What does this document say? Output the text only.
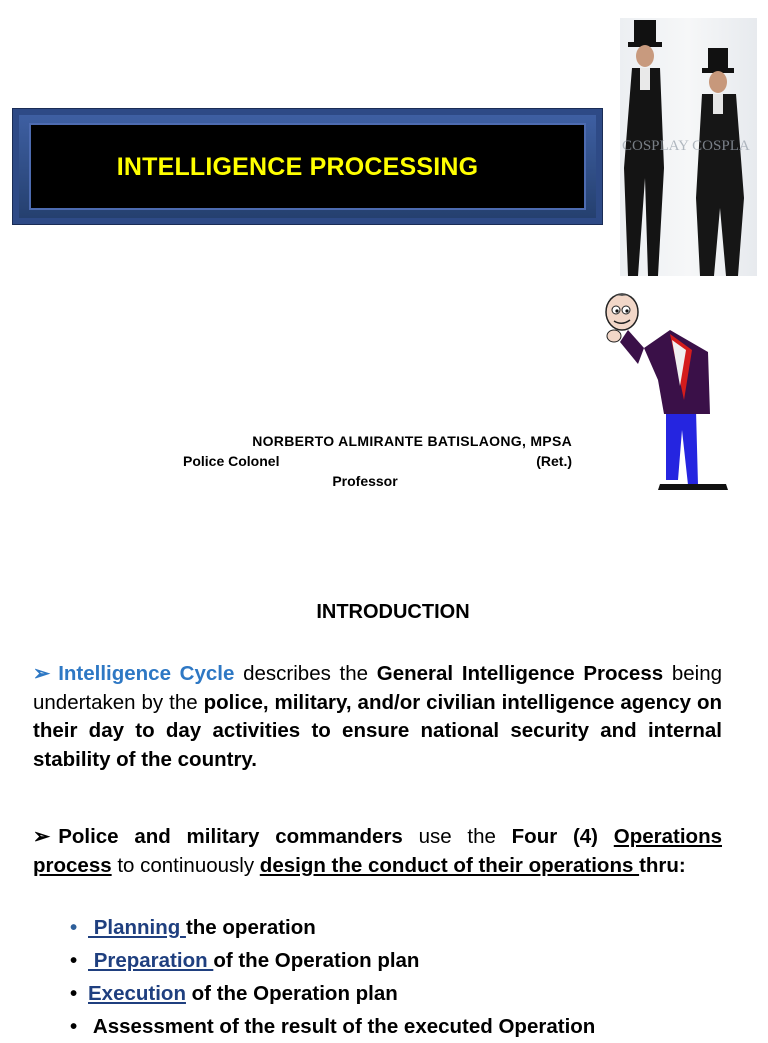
INTELLIGENCE PROCESSING
COSPLAY COSPLA
NORBERTO ALMIRANTE BATISLAONG, MPSA
Police Colonel	(Ret.)
Professor
INTRODUCTION

➢ Intelligence Cycle describes the General Intelligence Process being undertaken by the police, military, and/or civilian intelligence agency on their day to day activities to ensure national security and internal stability of the country.

➢ Police and military commanders use the Four (4) Operations process to continuously design the conduct of their operations thru:

• Planning the operation
• Preparation of the Operation plan
• Execution of the Operation plan
• Assessment of the result of the executed Operation
